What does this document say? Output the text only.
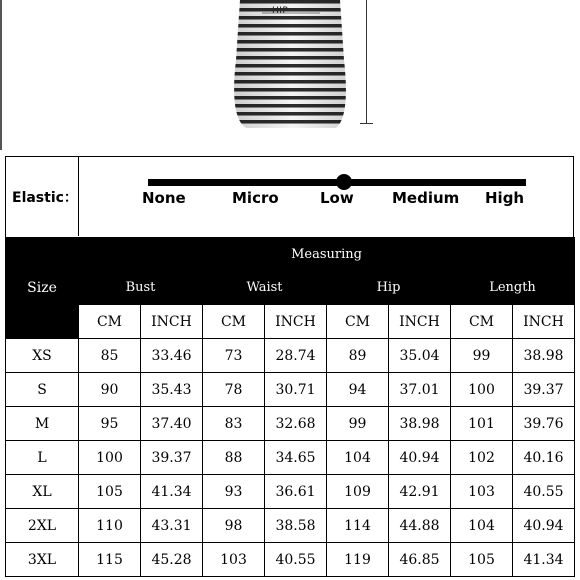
HIP
Elastic：	None	Micro	Low	Medium High
Size	Measuring							
	Bust		Waist		Hip		Length	
	CM	INCH	CM	INCH	CM	INCH	CM	INCH
XS	85	33.46	73	28.74	89	35.04	99	38.98
S	90	35.43	78	30.71	94	37.01	100	39.37
M	95	37.40	83	32.68	99	38.98	101	39.76
L	100	39.37	88	34.65	104	40.94	102	40.16
XL	105	41.34	93	36.61	109	42.91	103	40.55
2XL	110	43.31	98	38.58	114	44.88	104	40.94
3XL	115	45.28	103	40.55	119	46.85	105	41.34
